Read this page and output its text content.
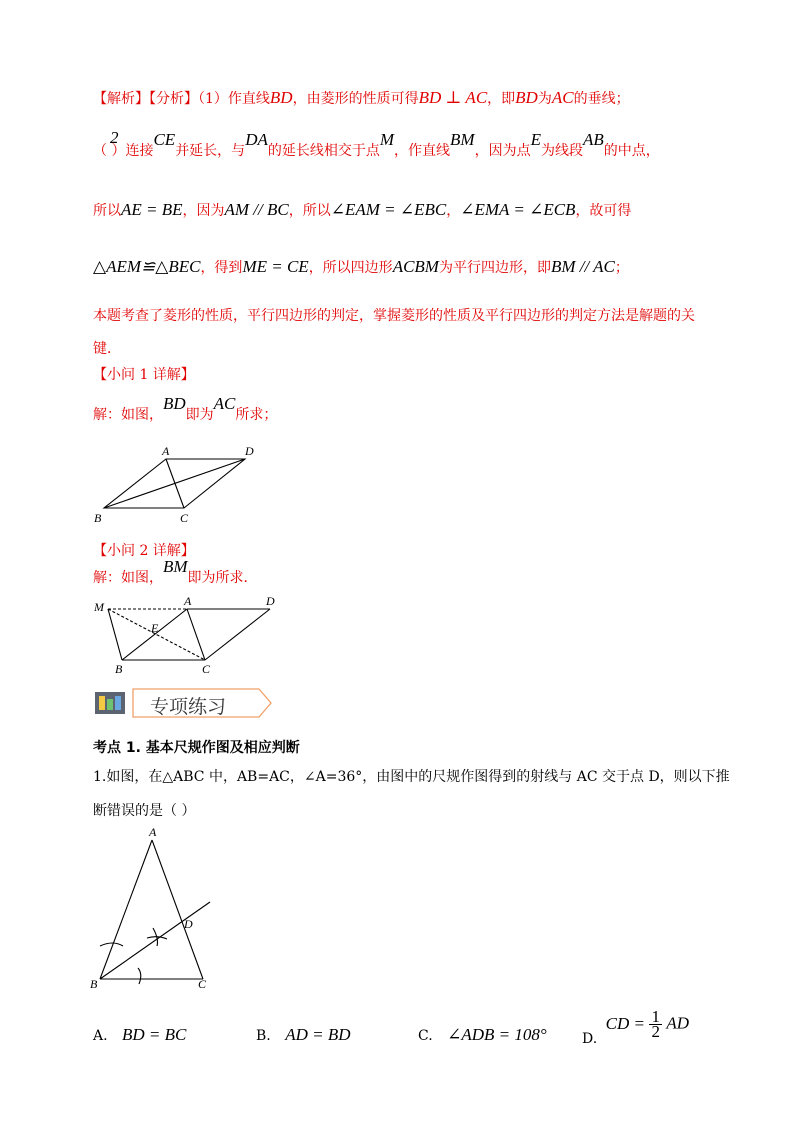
【解析】【分析】（1）作直线BD，由菱形的性质可得BD ⊥ AC，即BD为AC的垂线；
2
（ ）连接CE并延长，与DA的延长线相交于点M，作直线BM，因为点E为线段AB的中点，
所以AE = BE，因为AM // BC，所以∠EAM = ∠EBC，∠EMA = ∠ECB，故可得
△AEM≌△BEC，得到ME = CE，所以四边形ACBM为平行四边形，即BM // AC；
本题考查了菱形的性质，平行四边形的判定，掌握菱形的性质及平行四边形的判定方法是解题的关
键．
【小问 1 详解】
解：如图，BD即为AC所求；
A	D
B	C
【小问 2 详解】
解：如图，BM即为所求．
M	A	D
E
B	C
专项练习
考点 1. 基本尺规作图及相应判断
1.如图，在△ABC 中，AB=AC，∠A=36°，由图中的尺规作图得到的射线与 AC 交于点 D，则以下推
断错误的是（ ）
A
D
B	C
A. BD = BC	B. AD = BD	C. ∠ADB = 108°	D. CD = $\frac{1}{2}$ AD
